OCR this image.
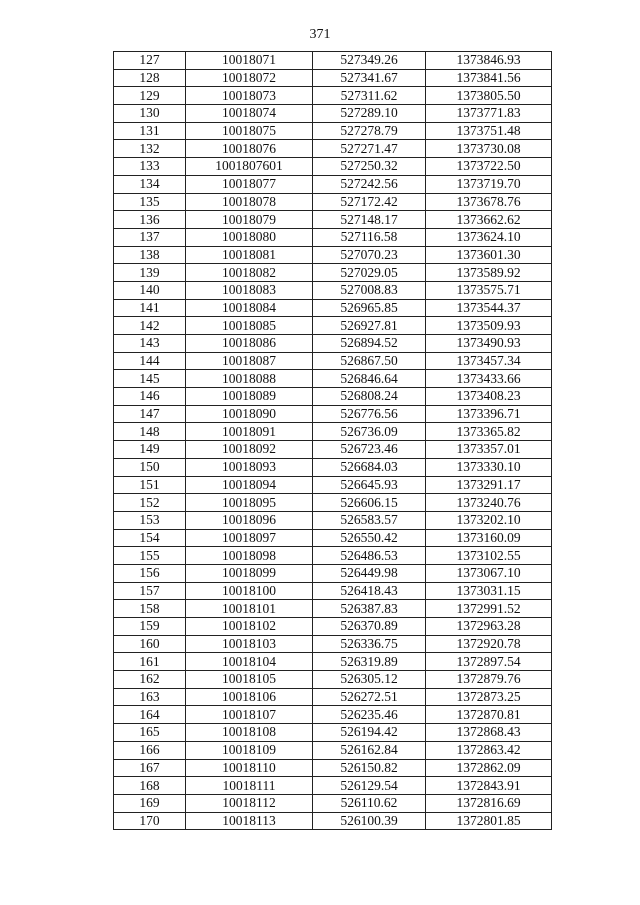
371
127	10018071	527349.26	1373846.93
128	10018072	527341.67	1373841.56
129	10018073	527311.62	1373805.50
130	10018074	527289.10	1373771.83
131	10018075	527278.79	1373751.48
132	10018076	527271.47	1373730.08
133	1001807601	527250.32	1373722.50
134	10018077	527242.56	1373719.70
135	10018078	527172.42	1373678.76
136	10018079	527148.17	1373662.62
137	10018080	527116.58	1373624.10
138	10018081	527070.23	1373601.30
139	10018082	527029.05	1373589.92
140	10018083	527008.83	1373575.71
141	10018084	526965.85	1373544.37
142	10018085	526927.81	1373509.93
143	10018086	526894.52	1373490.93
144	10018087	526867.50	1373457.34
145	10018088	526846.64	1373433.66
146	10018089	526808.24	1373408.23
147	10018090	526776.56	1373396.71
148	10018091	526736.09	1373365.82
149	10018092	526723.46	1373357.01
150	10018093	526684.03	1373330.10
151	10018094	526645.93	1373291.17
152	10018095	526606.15	1373240.76
153	10018096	526583.57	1373202.10
154	10018097	526550.42	1373160.09
155	10018098	526486.53	1373102.55
156	10018099	526449.98	1373067.10
157	10018100	526418.43	1373031.15
158	10018101	526387.83	1372991.52
159	10018102	526370.89	1372963.28
160	10018103	526336.75	1372920.78
161	10018104	526319.89	1372897.54
162	10018105	526305.12	1372879.76
163	10018106	526272.51	1372873.25
164	10018107	526235.46	1372870.81
165	10018108	526194.42	1372868.43
166	10018109	526162.84	1372863.42
167	10018110	526150.82	1372862.09
168	10018111	526129.54	1372843.91
169	10018112	526110.62	1372816.69
170	10018113	526100.39	1372801.85
